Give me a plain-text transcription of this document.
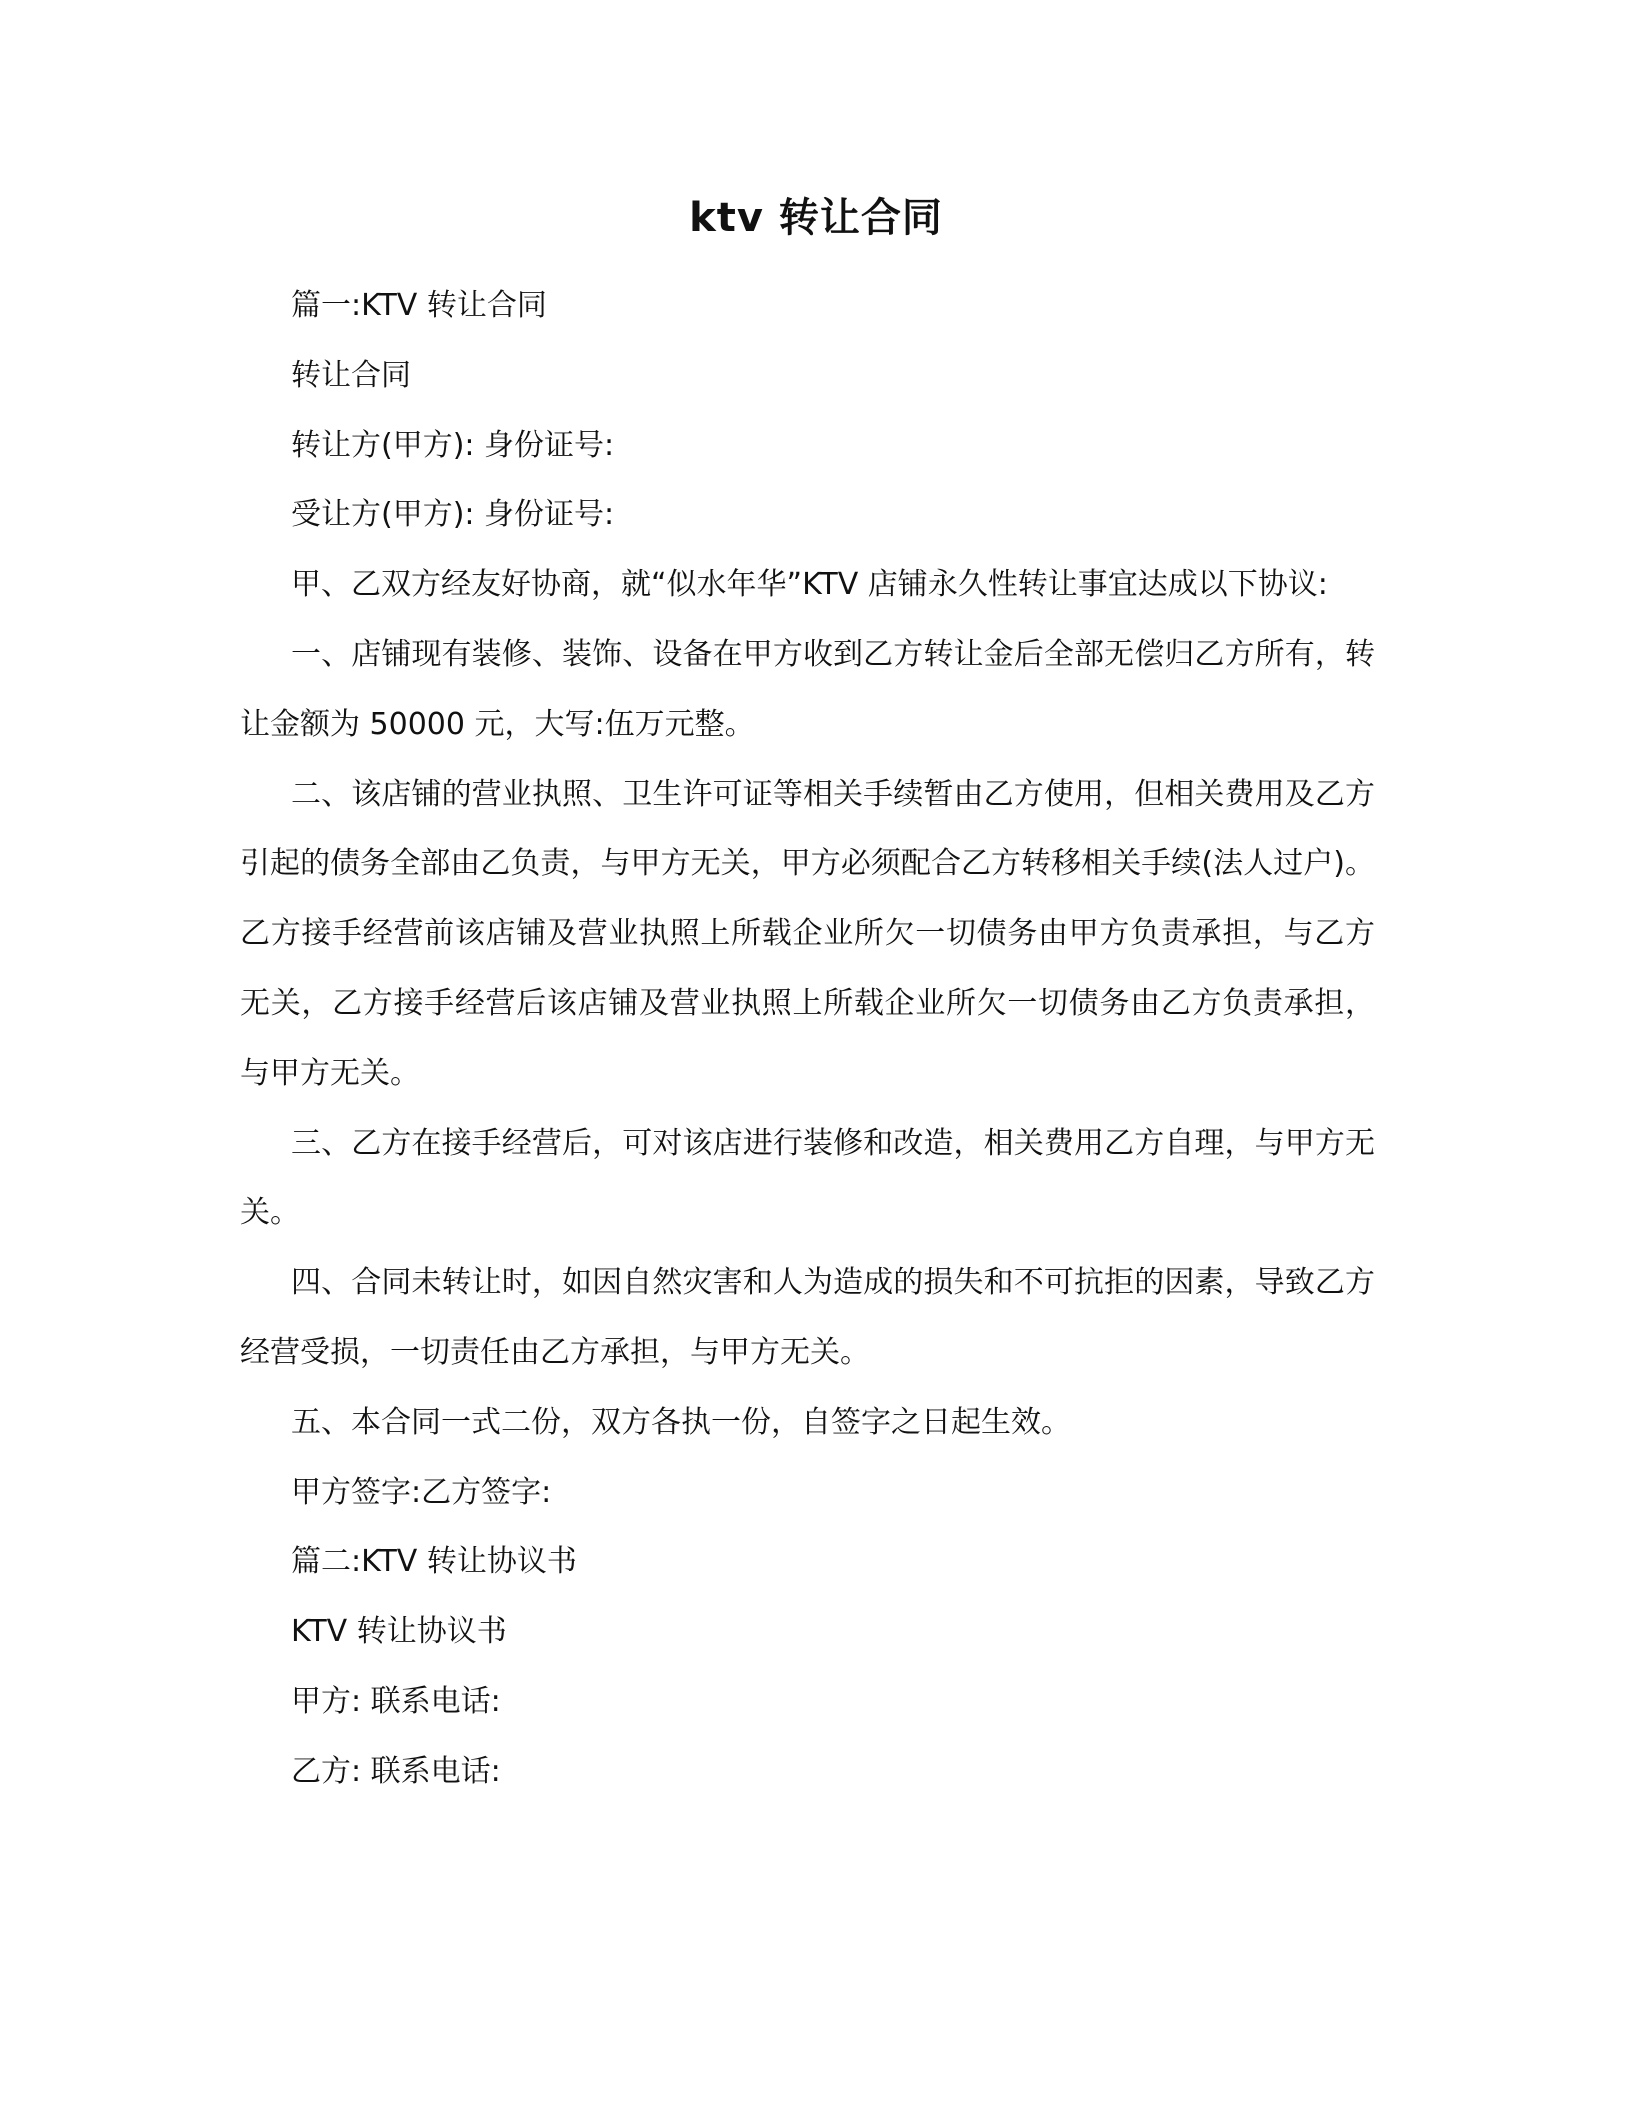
ktv 转让合同

篇一:KTV 转让合同

转让合同

转让方(甲方): 身份证号:

受让方(甲方): 身份证号:

甲、乙双方经友好协商，就“似水年华”KTV 店铺永久性转让事宜达成以下协议:

一、店铺现有装修、装饰、设备在甲方收到乙方转让金后全部无偿归乙方所有，转让金额为 50000 元，大写:伍万元整。

二、该店铺的营业执照、卫生许可证等相关手续暂由乙方使用，但相关费用及乙方引起的债务全部由乙负责，与甲方无关，甲方必须配合乙方转移相关手续(法人过户)。乙方接手经营前该店铺及营业执照上所载企业所欠一切债务由甲方负责承担，与乙方无关，乙方接手经营后该店铺及营业执照上所载企业所欠一切债务由乙方负责承担，与甲方无关。

三、乙方在接手经营后，可对该店进行装修和改造，相关费用乙方自理，与甲方无关。

四、合同未转让时，如因自然灾害和人为造成的损失和不可抗拒的因素，导致乙方经营受损，一切责任由乙方承担，与甲方无关。

五、本合同一式二份，双方各执一份，自签字之日起生效。

甲方签字:乙方签字:

篇二:KTV 转让协议书

KTV 转让协议书

甲方: 联系电话:

乙方: 联系电话:
